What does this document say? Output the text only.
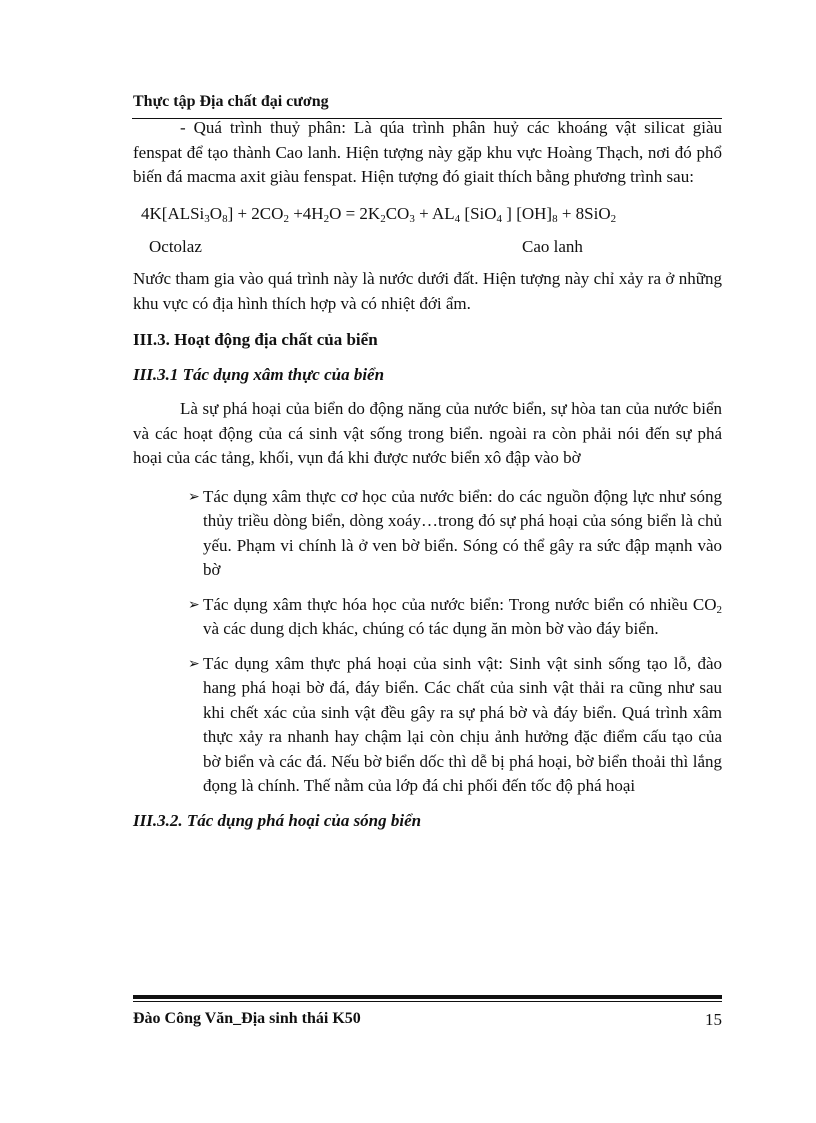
Thực tập Địa chất đại cương

- Quá trình thuỷ phân: Là qúa trình phân huỷ các khoáng vật silicat giàu fenspat để tạo thành Cao lanh. Hiện tượng này gặp khu vực Hoàng Thạch, nơi đó phổ biến đá macma axit giàu fenspat. Hiện tượng đó giait thích bằng phương trình sau:

$4K[ALSi_3O_8] + 2CO_2 +4H_2O = 2K_2CO_3 + AL_4$ [SiO$_4$ ] $[OH]_8 + 8SiO_2$
Octolaz	Cao lanh

Nước tham gia vào quá trình này là nước dưới đất. Hiện tượng này chỉ xảy ra ở những khu vực có địa hình thích hợp và có nhiệt đới ẩm.

III.3. Hoạt động địa chất của biển

III.3.1 Tác dụng xâm thực của biển

Là sự phá hoại của biển do động năng của nước biển, sự hòa tan của nước biển và các hoạt động của cá sinh vật sống trong biển. ngoài ra còn phải nói đến sự phá hoại của các tảng, khối, vụn đá khi được nước biển xô đập vào bờ

➢ Tác dụng xâm thực cơ học của nước biển: do các nguồn động lực như sóng thủy triều dòng biển, dòng xoáy…trong đó sự phá hoại của sóng biển là chủ yếu. Phạm vi chính là ở ven bờ biển. Sóng có thể gây ra sức đập mạnh vào bờ
➢ Tác dụng xâm thực hóa học của nước biển: Trong nước biển có nhiều $CO_2$ và các dung dịch khác, chúng có tác dụng ăn mòn bờ vào đáy biển.
➢ Tác dụng xâm thực phá hoại của sinh vật: Sinh vật sinh sống tạo lỗ, đào hang phá hoại bờ đá, đáy biển. Các chất của sinh vật thải ra cũng như sau khi chết xác của sinh vật đều gây ra sự phá bờ và đáy biển. Quá trình xâm thực xảy ra nhanh hay chậm lại còn chịu ảnh hưởng đặc điểm cấu tạo của bờ biển và các đá. Nếu bờ biển dốc thì dễ bị phá hoại, bờ biển thoải thì lắng đọng là chính. Thế nằm của lớp đá chi phối đến tốc độ phá hoại

III.3.2. Tác dụng phá hoại của sóng biển

Đào Công Văn_Địa sinh thái K50	15
